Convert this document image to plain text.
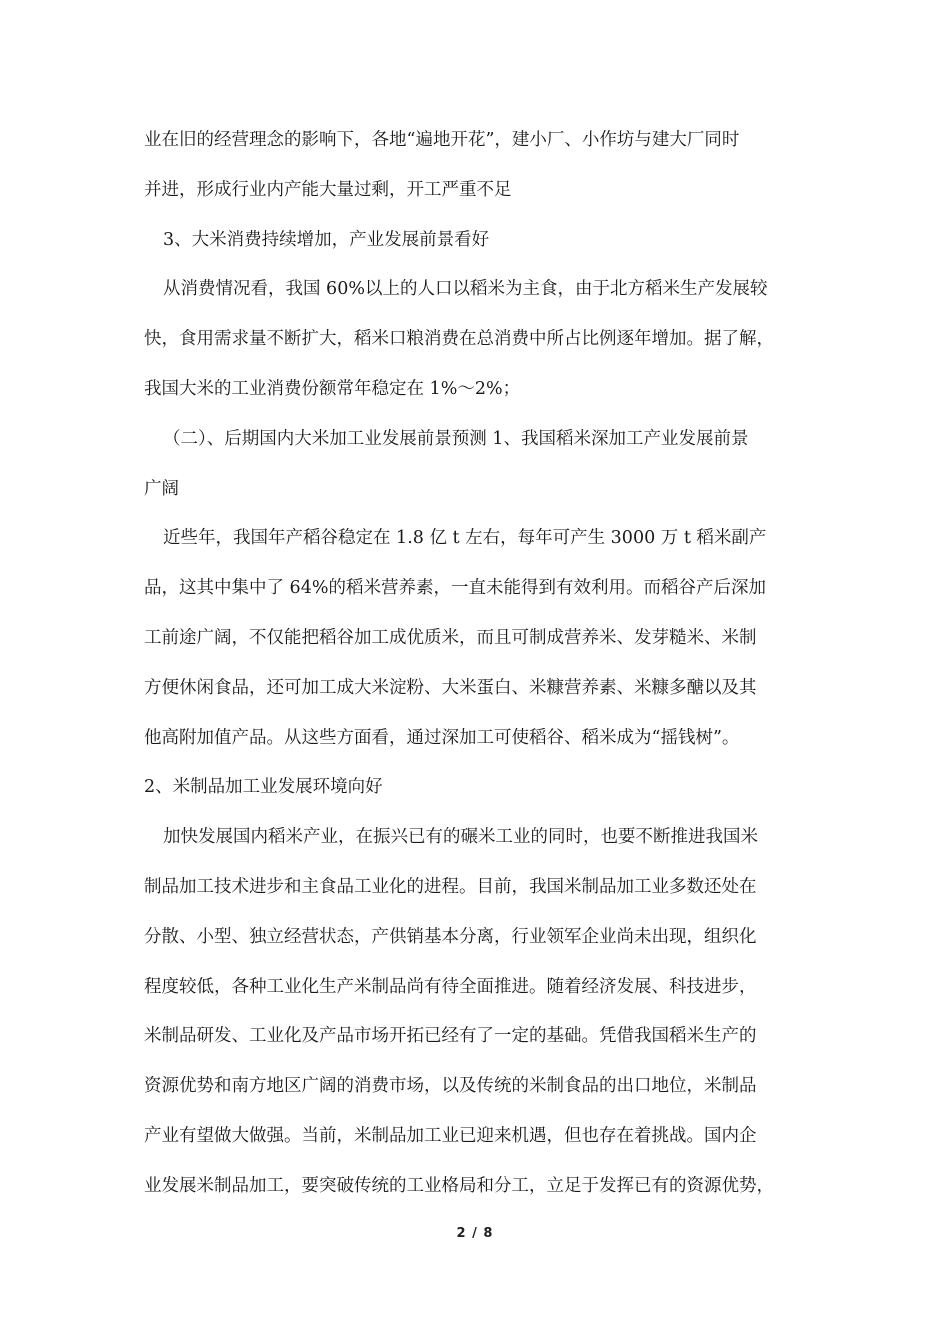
业在旧的经营理念的影响下，各地“遍地开花”，建小厂、小作坊与建大厂同时
并进，形成行业内产能大量过剩，开工严重不足
3、大米消费持续增加，产业发展前景看好
从消费情况看，我国 60%以上的人口以稻米为主食，由于北方稻米生产发展较
快，食用需求量不断扩大，稻米口粮消费在总消费中所占比例逐年增加。据了解，
我国大米的工业消费份额常年稳定在 1%～2%；
（二）、后期国内大米加工业发展前景预测 1、我国稻米深加工产业发展前景
广阔
近些年，我国年产稻谷稳定在 1.8 亿 t 左右，每年可产生 3000 万 t 稻米副产
品，这其中集中了 64%的稻米营养素，一直未能得到有效利用。而稻谷产后深加
工前途广阔，不仅能把稻谷加工成优质米，而且可制成营养米、发芽糙米、米制
方便休闲食品，还可加工成大米淀粉、大米蛋白、米糠营养素、米糠多醣以及其
他高附加值产品。从这些方面看，通过深加工可使稻谷、稻米成为“摇钱树”。
2、米制品加工业发展环境向好
加快发展国内稻米产业，在振兴已有的碾米工业的同时，也要不断推进我国米
制品加工技术进步和主食品工业化的进程。目前，我国米制品加工业多数还处在
分散、小型、独立经营状态，产供销基本分离，行业领军企业尚未出现，组织化
程度较低，各种工业化生产米制品尚有待全面推进。随着经济发展、科技进步，
米制品研发、工业化及产品市场开拓已经有了一定的基础。凭借我国稻米生产的
资源优势和南方地区广阔的消费市场，以及传统的米制食品的出口地位，米制品
产业有望做大做强。当前，米制品加工业已迎来机遇，但也存在着挑战。国内企
业发展米制品加工，要突破传统的工业格局和分工，立足于发挥已有的资源优势，
2 / 8
